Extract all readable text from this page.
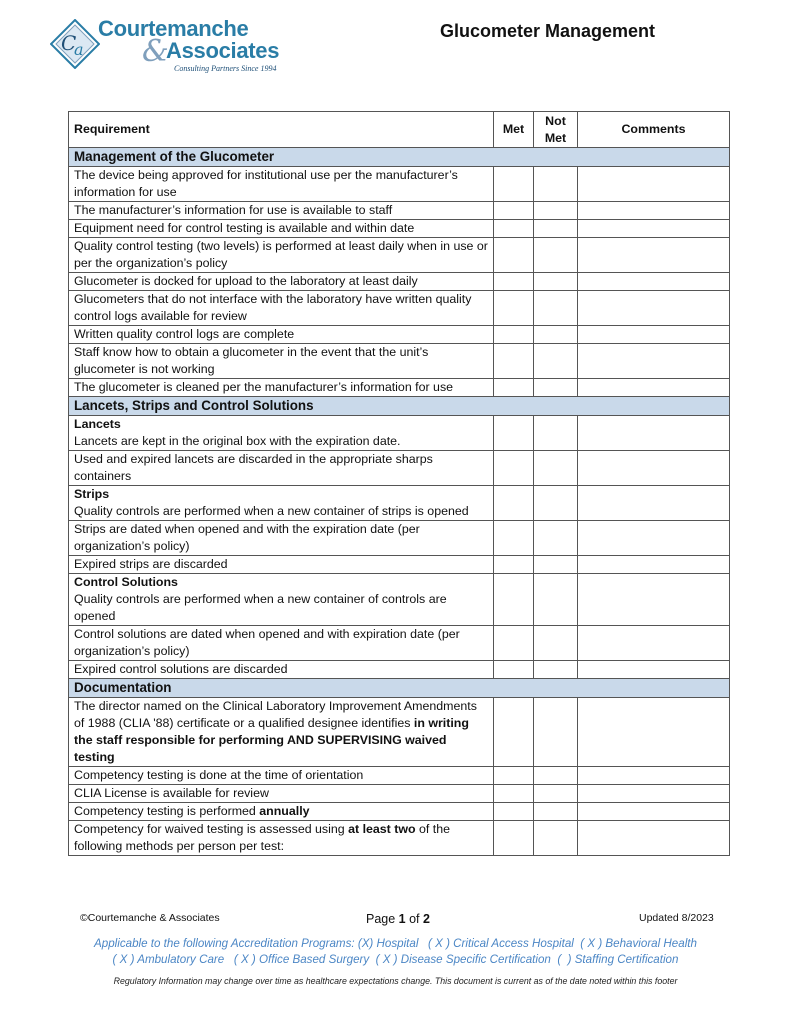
C
a
Courtemanche
&
Associates
Consulting Partners Since 1994
Glucometer Management
Requirement	Met	Not Met	Comments
Management of the Glucometer			
The device being approved for institutional use per the manufacturer’s information for use			
The manufacturer’s information for use is available to staff			
Equipment need for control testing is available and within date			
Quality control testing (two levels) is performed at least daily when in use or per the organization’s policy			
Glucometer is docked for upload to the laboratory at least daily			
Glucometers that do not interface with the laboratory have written quality control logs available for review			
Written quality control logs are complete			
Staff know how to obtain a glucometer in the event that the unit’s glucometer is not working			
The glucometer is cleaned per the manufacturer’s information for use			
Lancets, Strips and Control Solutions			

Lancets
Lancets are kept in the original box with the expiration date.			
Used and expired lancets are discarded in the appropriate sharps containers			

Strips
Quality controls are performed when a new container of strips is opened			
Strips are dated when opened and with the expiration date (per organization’s policy)			
Expired strips are discarded			

Control Solutions
Quality controls are performed when a new container of controls are opened			
Control solutions are dated when opened and with expiration date (per organization’s policy)			
Expired control solutions are discarded			
Documentation			
The director named on the Clinical Laboratory Improvement Amendments of 1988 (CLIA '88) certificate or a qualified designee identifies in writing the staff responsible for performing AND SUPERVISING waived testing			
Competency testing is done at the time of orientation			
CLIA License is available for review			
Competency testing is performed annually			
Competency for waived testing is assessed using at least two of the following methods per person per test:			
©Courtemanche & Associates	Page 1 of 2	Updated 8/2023
Applicable to the following Accreditation Programs: (X) Hospital   ( X ) Critical Access Hospital  ( X ) Behavioral Health
( X ) Ambulatory Care   ( X ) Office Based Surgery  ( X ) Disease Specific Certification  (  ) Staffing Certification
Regulatory Information may change over time as healthcare expectations change. This document is current as of the date noted within this footer
